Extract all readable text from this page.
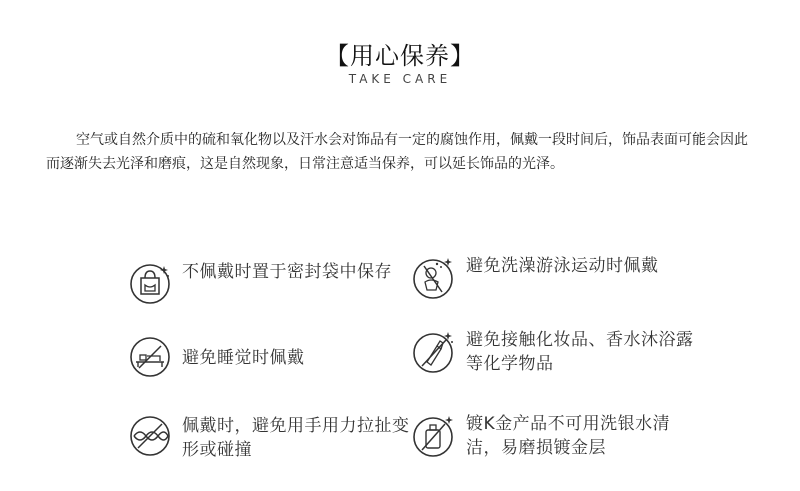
【用心保养】
TAKE CARE
空气或自然介质中的硫和氧化物以及汗水会对饰品有一定的腐蚀作用，佩戴一段时间后，饰品表面可能会因此而逐渐失去光泽和磨痕，这是自然现象，日常注意适当保养，可以延长饰品的光泽。
不佩戴时置于密封袋中保存	避免洗澡游泳运动时佩戴
避免睡觉时佩戴
避免接触化妆品、香水沐浴露等化学物品
佩戴时，避免用手用力拉扯变形或碰撞
镀K金产品不可用洗银水清洁，易磨损镀金层
